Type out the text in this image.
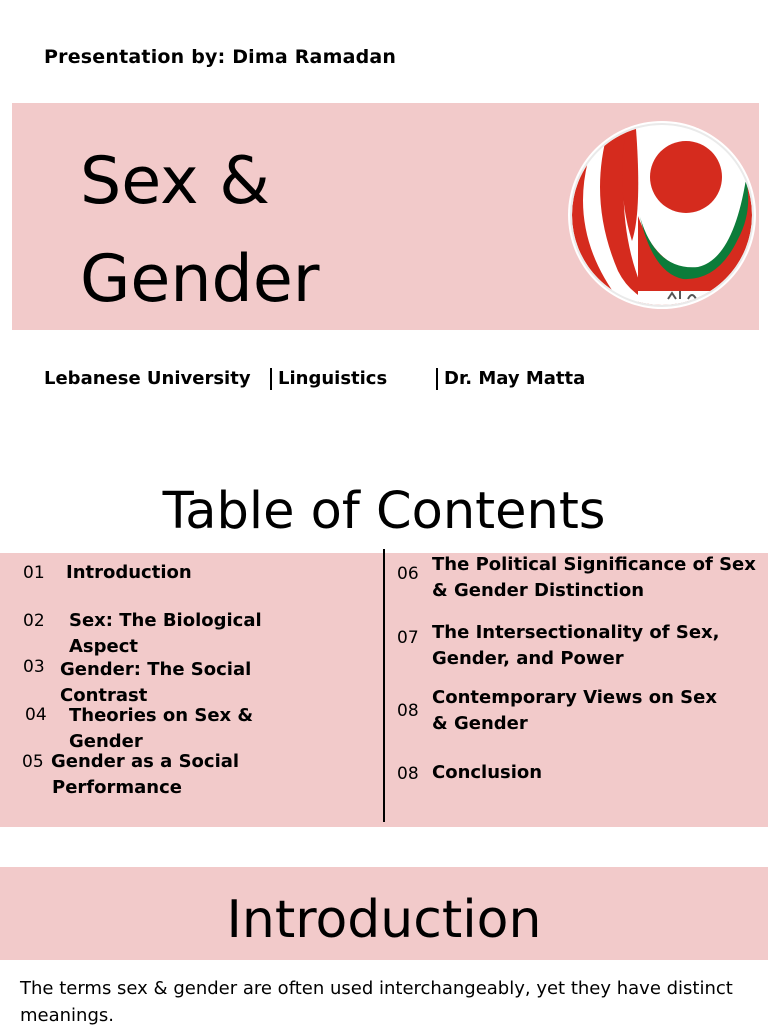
Presentation by: Dima Ramadan
Sex &
Gender
Lebanese University Linguistics	Dr. May Matta
Table of Contents
01 Introduction
02 Sex: The Biological
Aspect
03 Gender: The Social
Contrast
04 Theories on Sex &
Gender
05 Gender as a Social
Performance
06 The Political Significance of Sex
& Gender Distinction
07 The Intersectionality of Sex,
Gender, and Power
08
Contemporary Views on Sex
& Gender
08 Conclusion
Introduction
The terms sex & gender are often used interchangeably, yet they have distinct meanings.
